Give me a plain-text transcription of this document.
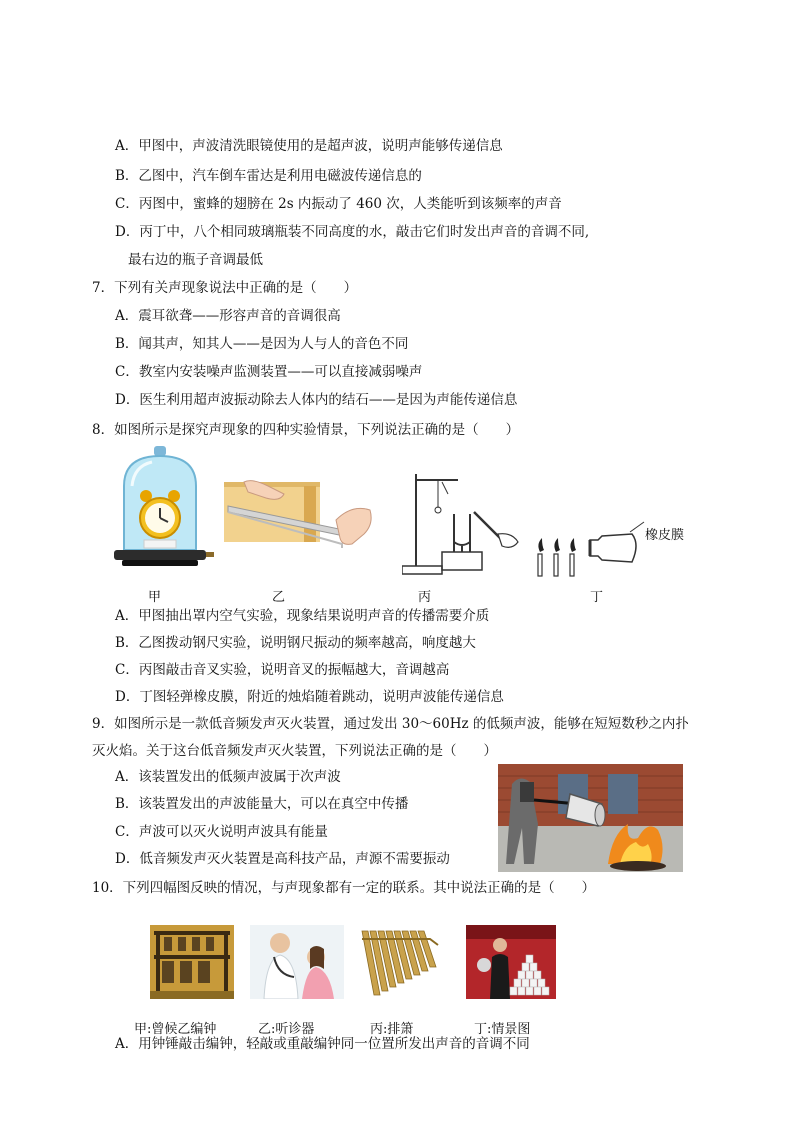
A．甲图中，声波清洗眼镜使用的是超声波，说明声能够传递信息
B．乙图中，汽车倒车雷达是利用电磁波传递信息的
C．丙图中，蜜蜂的翅膀在 2s 内振动了 460 次，人类能听到该频率的声音
D．丙丁中，八个相同玻璃瓶装不同高度的水，敲击它们时发出声音的音调不同,
最右边的瓶子音调最低
7．下列有关声现象说法中正确的是（　　）
A．震耳欲聋——形容声音的音调很高
B．闻其声，知其人——是因为人与人的音色不同
C．教室内安装噪声监测装置——可以直接减弱噪声
D．医生利用超声波振动除去人体内的结石——是因为声能传递信息
8．如图所示是探究声现象的四种实验情景，下列说法正确的是（　　）
橡皮膜
甲	乙	丙	丁
A．甲图抽出罩内空气实验，现象结果说明声音的传播需要介质
B．乙图拨动钢尺实验，说明钢尺振动的频率越高，响度越大
C．丙图敲击音叉实验，说明音叉的振幅越大，音调越高
D．丁图轻弹橡皮膜，附近的烛焰随着跳动，说明声波能传递信息
9．如图所示是一款低音频发声灭火装置，通过发出 30～60Hz 的低频声波，能够在短短数秒之内扑
灭火焰。关于这台低音频发声灭火装置，下列说法正确的是（　　）
A．该装置发出的低频声波属于次声波
B．该装置发出的声波能量大，可以在真空中传播
C．声波可以灭火说明声波具有能量
D．低音频发声灭火装置是高科技产品，声源不需要振动
10．下列四幅图反映的情况，与声现象都有一定的联系。其中说法正确的是（　　）
甲:曾候乙编钟	乙:听诊器	丙:排箫	丁:情景图
A．用钟锤敲击编钟，轻敲或重敲编钟同一位置所发出声音的音调不同
